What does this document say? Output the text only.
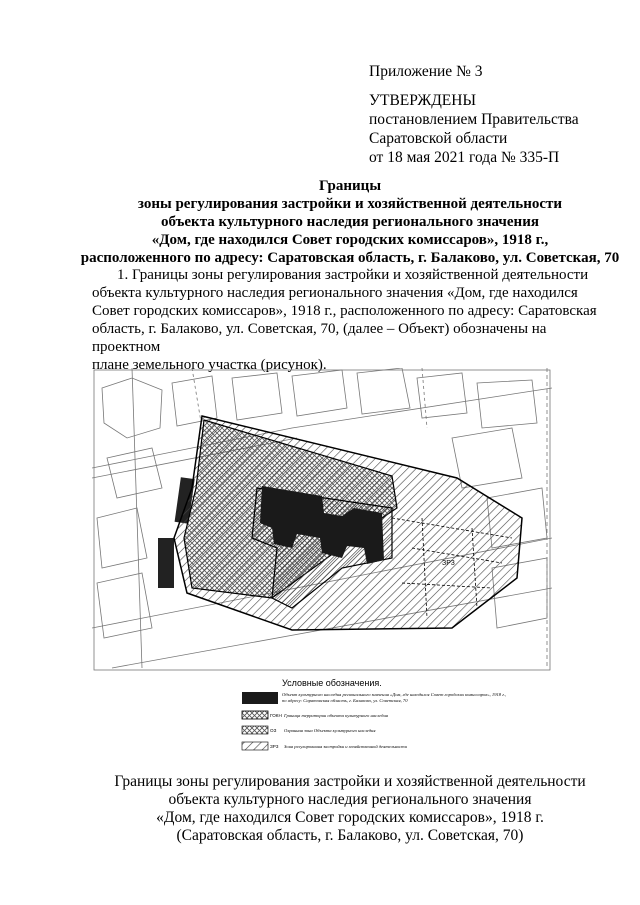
Приложение № 3
УТВЕРЖДЕНЫ
постановлением Правительства
Саратовской области
от 18 мая 2021 года № 335-П
Границы
зоны регулирования застройки и хозяйственной деятельности
объекта культурного наследия регионального значения
«Дом, где находился Совет городских комиссаров», 1918 г.,
расположенного по адресу: Саратовская область, г. Балаково, ул. Советская, 70
1. Границы зоны регулирования застройки и хозяйственной деятельности
объекта культурного наследия регионального значения «Дом, где находился
Совет городских комиссаров», 1918 г., расположенного по адресу: Саратовская
область, г. Балаково, ул. Советская, 70, (далее – Объект) обозначены на проектном
плане земельного участка (рисунок).
ЗР3
Условные обозначения.
Объект культурного наследия регионального значения «Дом, где находился Совет городских комиссаров», 1918 г.,
по адресу: Саратовская область, г. Балаково, ул. Советская, 70
ГОКН Граница территории объекта культурного наследия
ОЗ Охранная зона Объекта культурного наследия
ЗР3 Зона регулирования застройки и хозяйственной деятельности
Границы зоны регулирования застройки и хозяйственной деятельности
объекта культурного наследия регионального значения
«Дом, где находился Совет городских комиссаров», 1918 г.
(Саратовская область, г. Балаково, ул. Советская, 70)
